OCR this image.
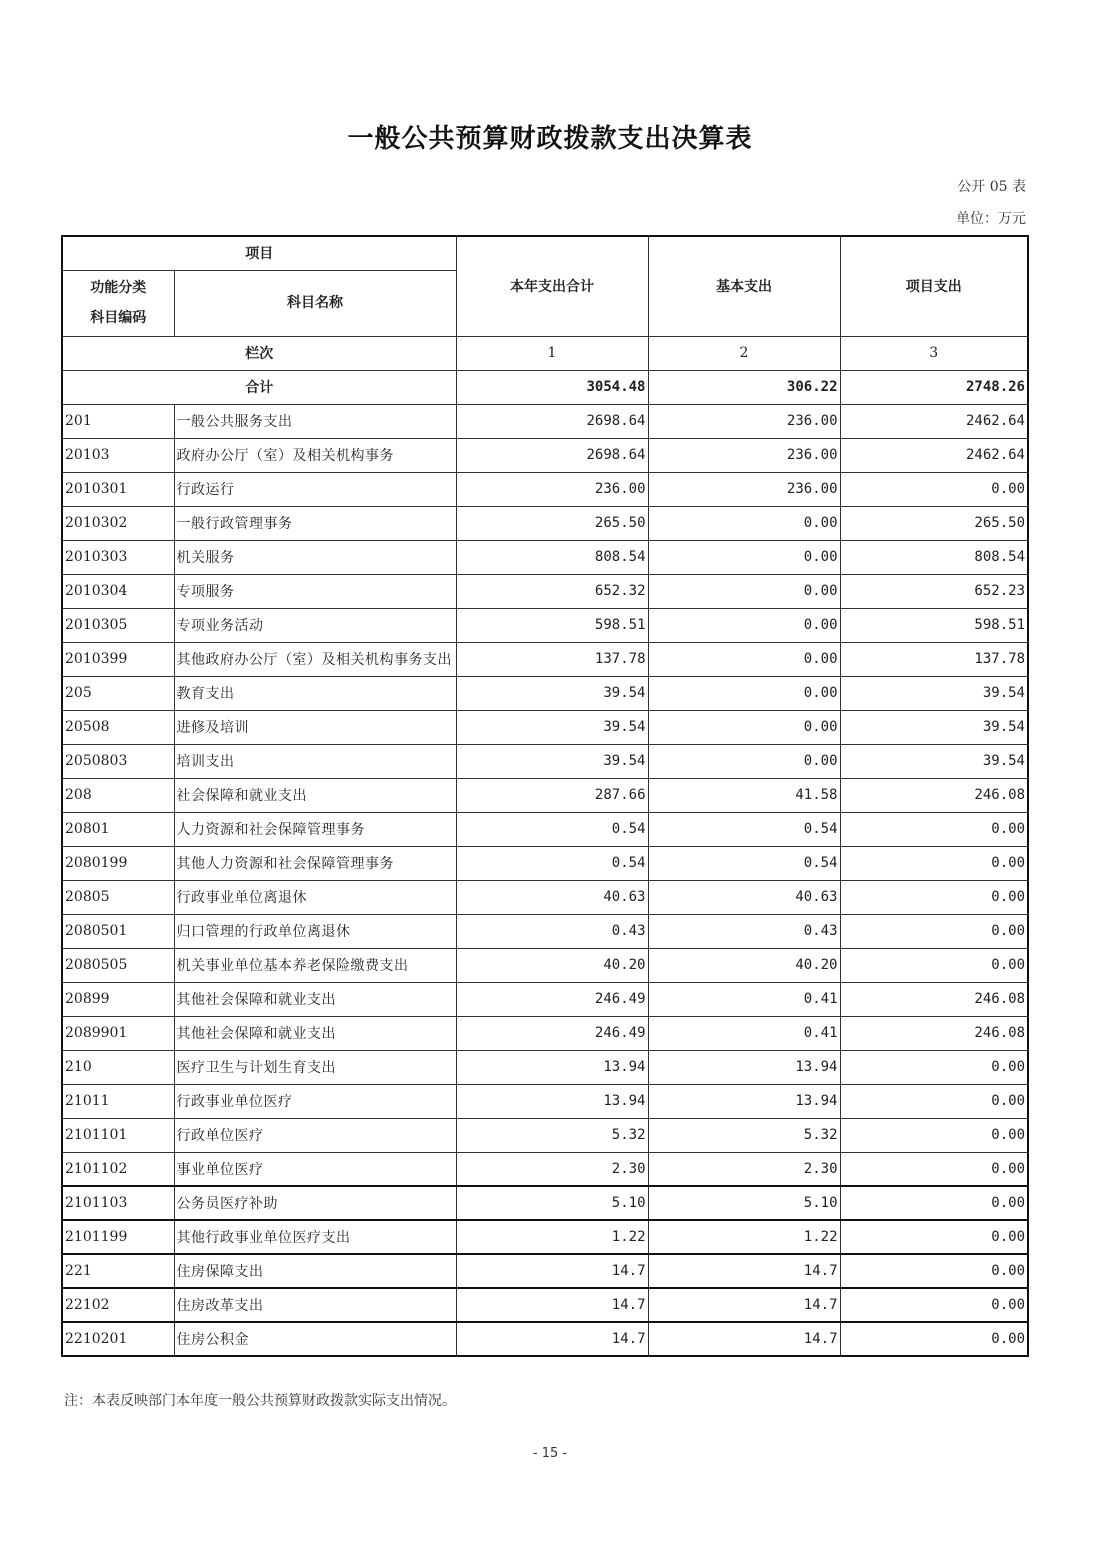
一般公共预算财政拨款支出决算表
公开 05 表
单位：万元
项目		本年支出合计	基本支出	项目支出

功能分类
科目编码	科目名称			
栏次		1	2	3
合计		3054.48	306.22	2748.26
201	一般公共服务支出	2698.64	236.00	2462.64
20103	政府办公厅（室）及相关机构事务	2698.64	236.00	2462.64
2010301	行政运行	236.00	236.00	0.00
2010302	一般行政管理事务	265.50	0.00	265.50
2010303	机关服务	808.54	0.00	808.54
2010304	专项服务	652.32	0.00	652.23
2010305	专项业务活动	598.51	0.00	598.51
2010399	其他政府办公厅（室）及相关机构事务支出	137.78	0.00	137.78
205	教育支出	39.54	0.00	39.54
20508	进修及培训	39.54	0.00	39.54
2050803	培训支出	39.54	0.00	39.54
208	社会保障和就业支出	287.66	41.58	246.08
20801	人力资源和社会保障管理事务	0.54	0.54	0.00
2080199	其他人力资源和社会保障管理事务	0.54	0.54	0.00
20805	行政事业单位离退休	40.63	40.63	0.00
2080501	归口管理的行政单位离退休	0.43	0.43	0.00
2080505	机关事业单位基本养老保险缴费支出	40.20	40.20	0.00
20899	其他社会保障和就业支出	246.49	0.41	246.08
2089901	其他社会保障和就业支出	246.49	0.41	246.08
210	医疗卫生与计划生育支出	13.94	13.94	0.00
21011	行政事业单位医疗	13.94	13.94	0.00
2101101	行政单位医疗	5.32	5.32	0.00
2101102	事业单位医疗	2.30	2.30	0.00
2101103	公务员医疗补助	5.10	5.10	0.00
2101199	其他行政事业单位医疗支出	1.22	1.22	0.00
221	住房保障支出	14.7	14.7	0.00
22102	住房改革支出	14.7	14.7	0.00
2210201	住房公积金	14.7	14.7	0.00
注：本表反映部门本年度一般公共预算财政拨款实际支出情况。
- 15 -
